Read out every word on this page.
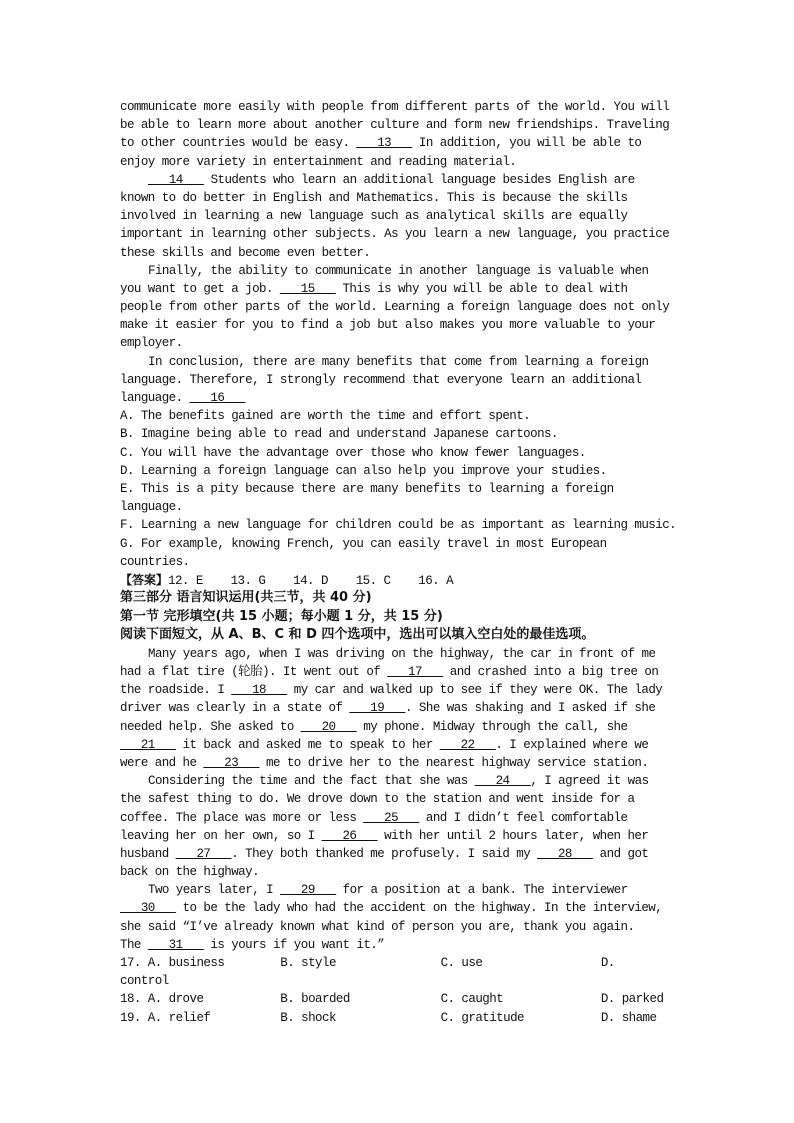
communicate more easily with people from different parts of the world. You will
be able to learn more about another culture and form new friendships. Traveling
to other countries would be easy. ___13___ In addition, you will be able to
enjoy more variety in entertainment and reading material.
___14___ Students who learn an additional language besides English are
known to do better in English and Mathematics. This is because the skills
involved in learning a new language such as analytical skills are equally
important in learning other subjects. As you learn a new language, you practice
these skills and become even better.
Finally, the ability to communicate in another language is valuable when
you want to get a job. ___15___ This is why you will be able to deal with
people from other parts of the world. Learning a foreign language does not only
make it easier for you to find a job but also makes you more valuable to your
employer.
In conclusion, there are many benefits that come from learning a foreign
language. Therefore, I strongly recommend that everyone learn an additional
language. ___16___
A. The benefits gained are worth the time and effort spent.
B. Imagine being able to read and understand Japanese cartoons.
C. You will have the advantage over those who know fewer languages.
D. Learning a foreign language can also help you improve your studies.
E. This is a pity because there are many benefits to learning a foreign
language.
F. Learning a new language for children could be as important as learning music.
G. For example, knowing French, you can easily travel in most European
countries.
【答案】12. E    13. G    14. D    15. C    16. A
第三部分 语言知识运用(共三节，共 40 分)
第一节 完形填空(共 15 小题；每小题 1 分，共 15 分)
阅读下面短文，从 A、B、C 和 D 四个选项中，选出可以填入空白处的最佳选项。
Many years ago, when I was driving on the highway, the car in front of me
had a flat tire (轮胎). It went out of ___17___ and crashed into a big tree on
the roadside. I ___18___ my car and walked up to see if they were OK. The lady
driver was clearly in a state of ___19___. She was shaking and I asked if she
needed help. She asked to ___20___ my phone. Midway through the call, she
___21___ it back and asked me to speak to her ___22___. I explained where we
were and he ___23___ me to drive her to the nearest highway service station.
Considering the time and the fact that she was ___24___, I agreed it was
the safest thing to do. We drove down to the station and went inside for a
coffee. The place was more or less ___25___ and I didn’t feel comfortable
leaving her on her own, so I ___26___ with her until 2 hours later, when her
husband ___27___. They both thanked me profusely. I said my ___28___ and got
back on the highway.
Two years later, I ___29___ for a position at a bank. The interviewer
___30___ to be the lady who had the accident on the highway. In the interview,
she said “I’ve already known what kind of person you are, thank you again.
The ___31___ is yours if you want it.”
17. A. business	B. style	C. use	D.
control
18. A. drove	B. boarded	C. caught	D. parked
19. A. relief	B. shock	C. gratitude	D. shame
